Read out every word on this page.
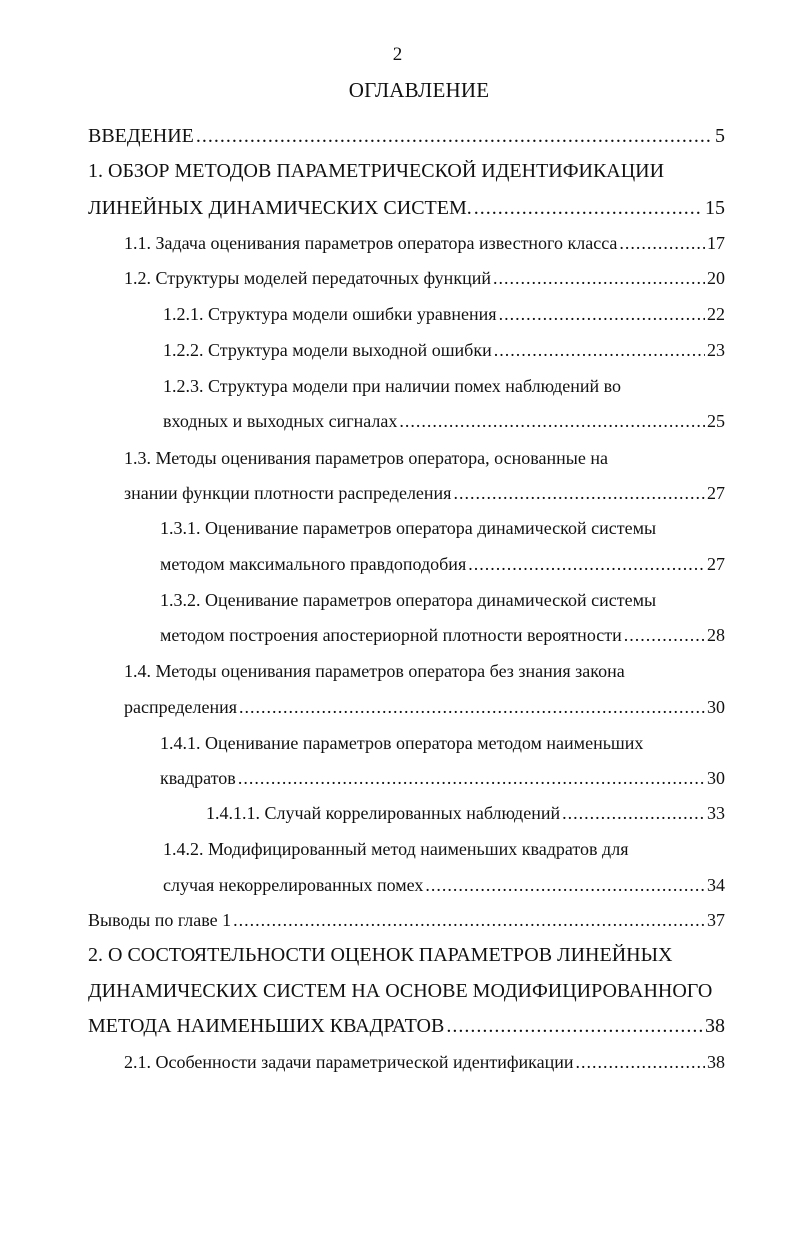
2
ОГЛАВЛЕНИЕ
ВВЕДЕНИЕ .....	5
1. ОБЗОР МЕТОДОВ ПАРАМЕТРИЧЕСКОЙ ИДЕНТИФИКАЦИИ
ЛИНЕЙНЫХ ДИНАМИЧЕСКИХ СИСТЕМ. .....	15
1.1. Задача оценивания параметров оператора известного класса .....	17
1.2. Структуры моделей передаточных функций .....	20
1.2.1. Структура модели ошибки уравнения .....	22
1.2.2. Структура модели выходной ошибки .....	23
1.2.3. Структура модели при наличии помех наблюдений во
входных и выходных сигналах .....	25
1.3. Методы оценивания параметров оператора, основанные на
знании функции плотности распределения .....	27
1.3.1. Оценивание параметров оператора динамической системы
методом максимального правдоподобия .....	27
1.3.2. Оценивание параметров оператора динамической системы
методом построения апостериорной плотности вероятности .....	28
1.4. Методы оценивания параметров оператора без знания закона
распределения .....	30
1.4.1. Оценивание параметров оператора методом наименьших
квадратов .....	30
1.4.1.1. Случай коррелированных наблюдений .....	33
1.4.2. Модифицированный метод наименьших квадратов для
случая некоррелированных помех .....	34
Выводы по главе 1 .....	37
2. О СОСТОЯТЕЛЬНОСТИ ОЦЕНОК ПАРАМЕТРОВ ЛИНЕЙНЫХ
ДИНАМИЧЕСКИХ СИСТЕМ НА ОСНОВЕ МОДИФИЦИРОВАННОГО
МЕТОДА НАИМЕНЬШИХ КВАДРАТОВ .....	38
2.1. Особенности задачи параметрической идентификации .....	38
